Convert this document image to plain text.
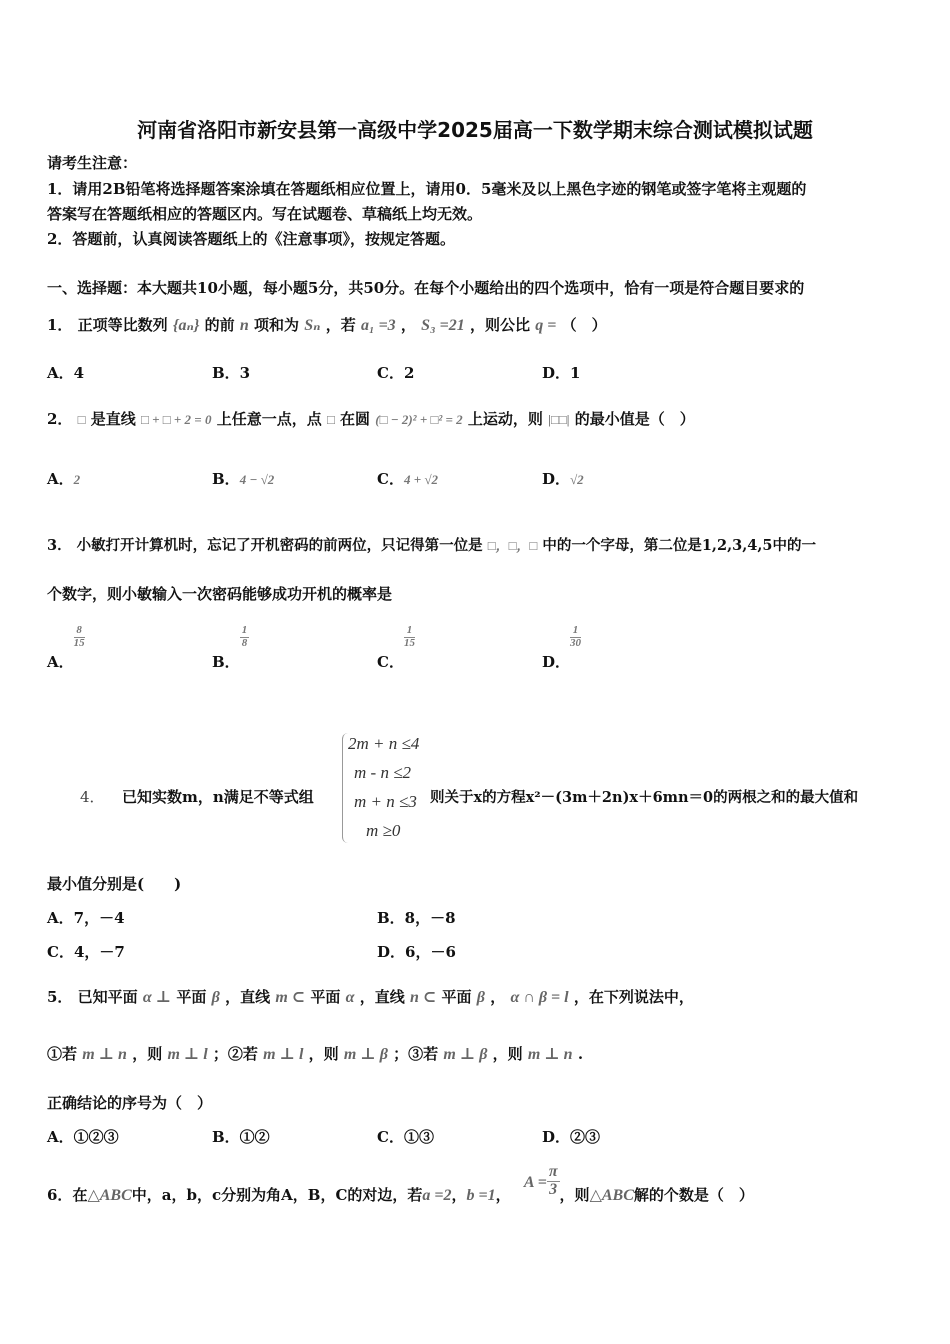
河南省洛阳市新安县第一高级中学2025届高一下数学期末综合测试模拟试题
请考生注意：
1．请用2B铅笔将选择题答案涂填在答题纸相应位置上，请用0．5毫米及以上黑色字迹的钢笔或签字笔将主观题的
答案写在答题纸相应的答题区内。写在试题卷、草稿纸上均无效。
2．答题前，认真阅读答题纸上的《注意事项》，按规定答题。
一、选择题：本大题共10小题，每小题5分，共50分。在每个小题给出的四个选项中，恰有一项是符合题目要求的
1． 正项等比数列 {aₙ} 的前 n 项和为 Sₙ ，若 a₁ =3 ， S₃ =21 ，则公比 q = （　）
A．4	B．3	C．2	D．1
2． □ 是直线 □ + □ + 2 = 0 上任意一点，点 □ 在圆 (□ − 2)² + □² = 2 上运动，则 |□□| 的最小值是（　）
A．2	B．4 − √2	C．4 + √2	D．√2
3． 小敏打开计算机时，忘记了开机密码的前两位，只记得第一位是 □，□，□ 中的一个字母，第二位是1,2,3,4,5中的一
个数字，则小敏输入一次密码能够成功开机的概率是
A．
$\frac{8}{15}$
B．
$\frac{1}{8}$
C．
$\frac{1}{15}$
D．
$\frac{1}{30}$
4． 已知实数m，n满足不等式组
2m + n ≤4
m - n ≤2
m + n ≤3
m ≥0
则关于x的方程x²－(3m＋2n)x＋6mn＝0的两根之和的最大值和
最小值分别是(　　)
A．7，－4	B．8，－8
C．4，－7	D．6，－6
5． 已知平面 α ⊥ 平面 β ，直线 m ⊂ 平面 α ，直线 n ⊂ 平面 β ， α ∩ β = l ，在下列说法中，
①若 m ⊥ n ，则 m ⊥ l ；②若 m ⊥ l ，则 m ⊥ β ；③若 m ⊥ β ，则 m ⊥ n .
正确结论的序号为（　）
A．①②③	B．①②	C．①③	D．②③
6．在△ABC中，a，b，c分别为角A，B，C的对边，若a =2，b =1， $A = \frac{\pi}{3}$ ，则△ABC解的个数是（　）
